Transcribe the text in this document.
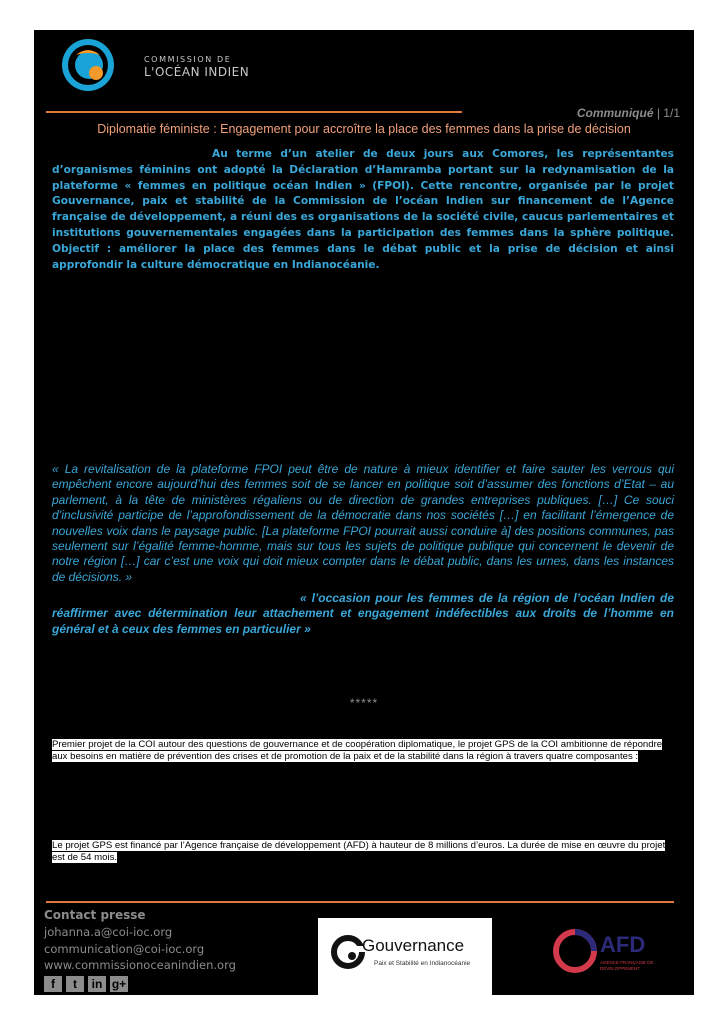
COMMISSION DE
L'OCÉAN INDIEN
Communiqué | 1/1
Diplomatie féministe : Engagement pour accroître la place des femmes dans la prise de décision
Au terme d’un atelier de deux jours aux Comores, les représentantes d’organismes féminins ont adopté la Déclaration d’Hamramba portant sur la redynamisation de la plateforme « femmes en politique océan Indien » (FPOI). Cette rencontre, organisée par le projet Gouvernance, paix et stabilité de la Commission de l’océan Indien sur financement de l’Agence française de développement, a réuni des es organisations de la société civile, caucus parlementaires et institutions gouvernementales engagées dans la participation des femmes dans la sphère politique. Objectif : améliorer la place des femmes dans le débat public et la prise de décision et ainsi approfondir la culture démocratique en Indianocéanie.
« La revitalisation de la plateforme FPOI peut être de nature à mieux identifier et faire sauter les verrous qui empêchent encore aujourd’hui des femmes soit de se lancer en politique soit d’assumer des fonctions d’Etat – au parlement, à la tête de ministères régaliens ou de direction de grandes entreprises publiques. […] Ce souci d’inclusivité participe de l’approfondissement de la démocratie dans nos sociétés […] en facilitant l’émergence de nouvelles voix dans le paysage public. [La plateforme FPOI pourrait aussi conduire à] des positions communes, pas seulement sur l’égalité femme-homme, mais sur tous les sujets de politique publique qui concernent le devenir de notre région […] car c’est une voix qui doit mieux compter dans le débat public, dans les urnes, dans les instances de décisions. »
« l’occasion pour les femmes de la région de l’océan Indien de réaffirmer avec détermination leur attachement et engagement indéfectibles aux droits de l’homme en général et à ceux des femmes en particulier »
*****
Premier projet de la COI autour des questions de gouvernance et de coopération diplomatique, le projet GPS de la COI ambitionne de répondre aux besoins en matière de prévention des crises et de promotion de la paix et de la stabilité dans la région à travers quatre composantes :
Le projet GPS est financé par l’Agence française de développement (AFD) à hauteur de 8 millions d’euros. La durée de mise en œuvre du projet est de 54 mois.
Contact presse
johanna.a@coi-ioc.org
communication@coi-ioc.org
www.commissionoceanindien.org
f	t	in g+
Gouvernance
Paix et Stabilité en Indianocéanie
AFD
AGENCE FRANÇAISE DE DÉVELOPPEMENT
